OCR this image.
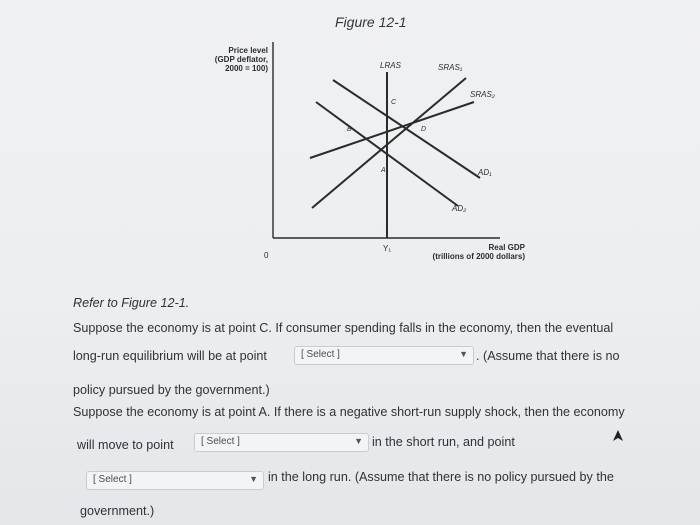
Figure 12-1
Price level
(GDP deflator,
2000 = 100)	LRAS	SRAS₁
SRAS₂
AD₁
AD₂
C
B	D
A
0
Y₁	Real GDP
(trillions of 2000 dollars)
Refer to Figure 12-1.
Suppose the economy is at point C. If consumer spending falls in the economy, then the eventual
long-run equilibrium will be at point	[ Select ]	▼ . (Assume that there is no
policy pursued by the government.)
Suppose the economy is at point A. If there is a negative short-run supply shock, then the economy
will move to point	[ Select ]	▼ in the short run, and point
[ Select ]	▼ in the long run. (Assume that there is no policy pursued by the
government.)
